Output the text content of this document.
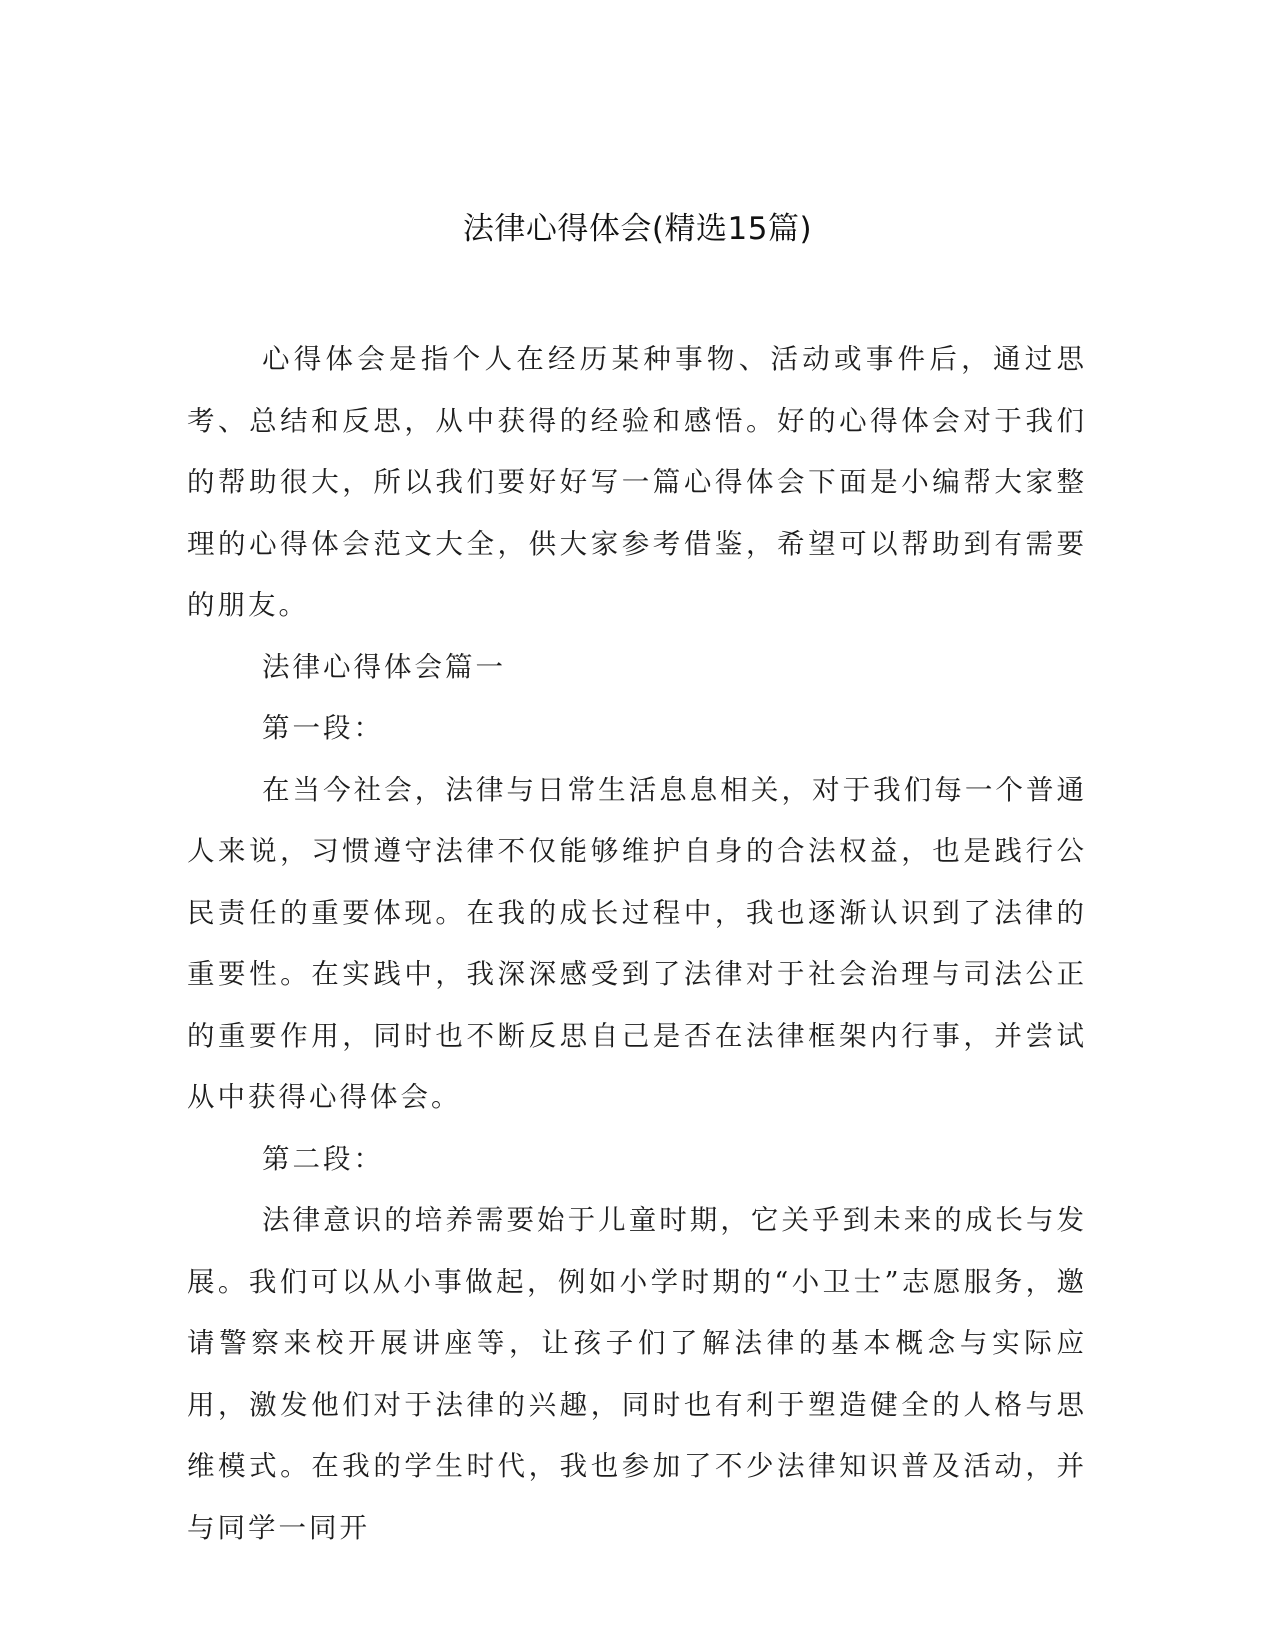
法律心得体会(精选15篇)

心得体会是指个人在经历某种事物、活动或事件后，通过思考、总结和反思，从中获得的经验和感悟。好的心得体会对于我们的帮助很大，所以我们要好好写一篇心得体会下面是小编帮大家整理的心得体会范文大全，供大家参考借鉴，希望可以帮助到有需要的朋友。

法律心得体会篇一

第一段：

在当今社会，法律与日常生活息息相关，对于我们每一个普通人来说，习惯遵守法律不仅能够维护自身的合法权益，也是践行公民责任的重要体现。在我的成长过程中，我也逐渐认识到了法律的重要性。在实践中，我深深感受到了法律对于社会治理与司法公正的重要作用，同时也不断反思自己是否在法律框架内行事，并尝试从中获得心得体会。

第二段：

法律意识的培养需要始于儿童时期，它关乎到未来的成长与发展。我们可以从小事做起，例如小学时期的“小卫士”志愿服务，邀请警察来校开展讲座等，让孩子们了解法律的基本概念与实际应用，激发他们对于法律的兴趣，同时也有利于塑造健全的人格与思维模式。在我的学生时代，我也参加了不少法律知识普及活动，并与同学一同开
